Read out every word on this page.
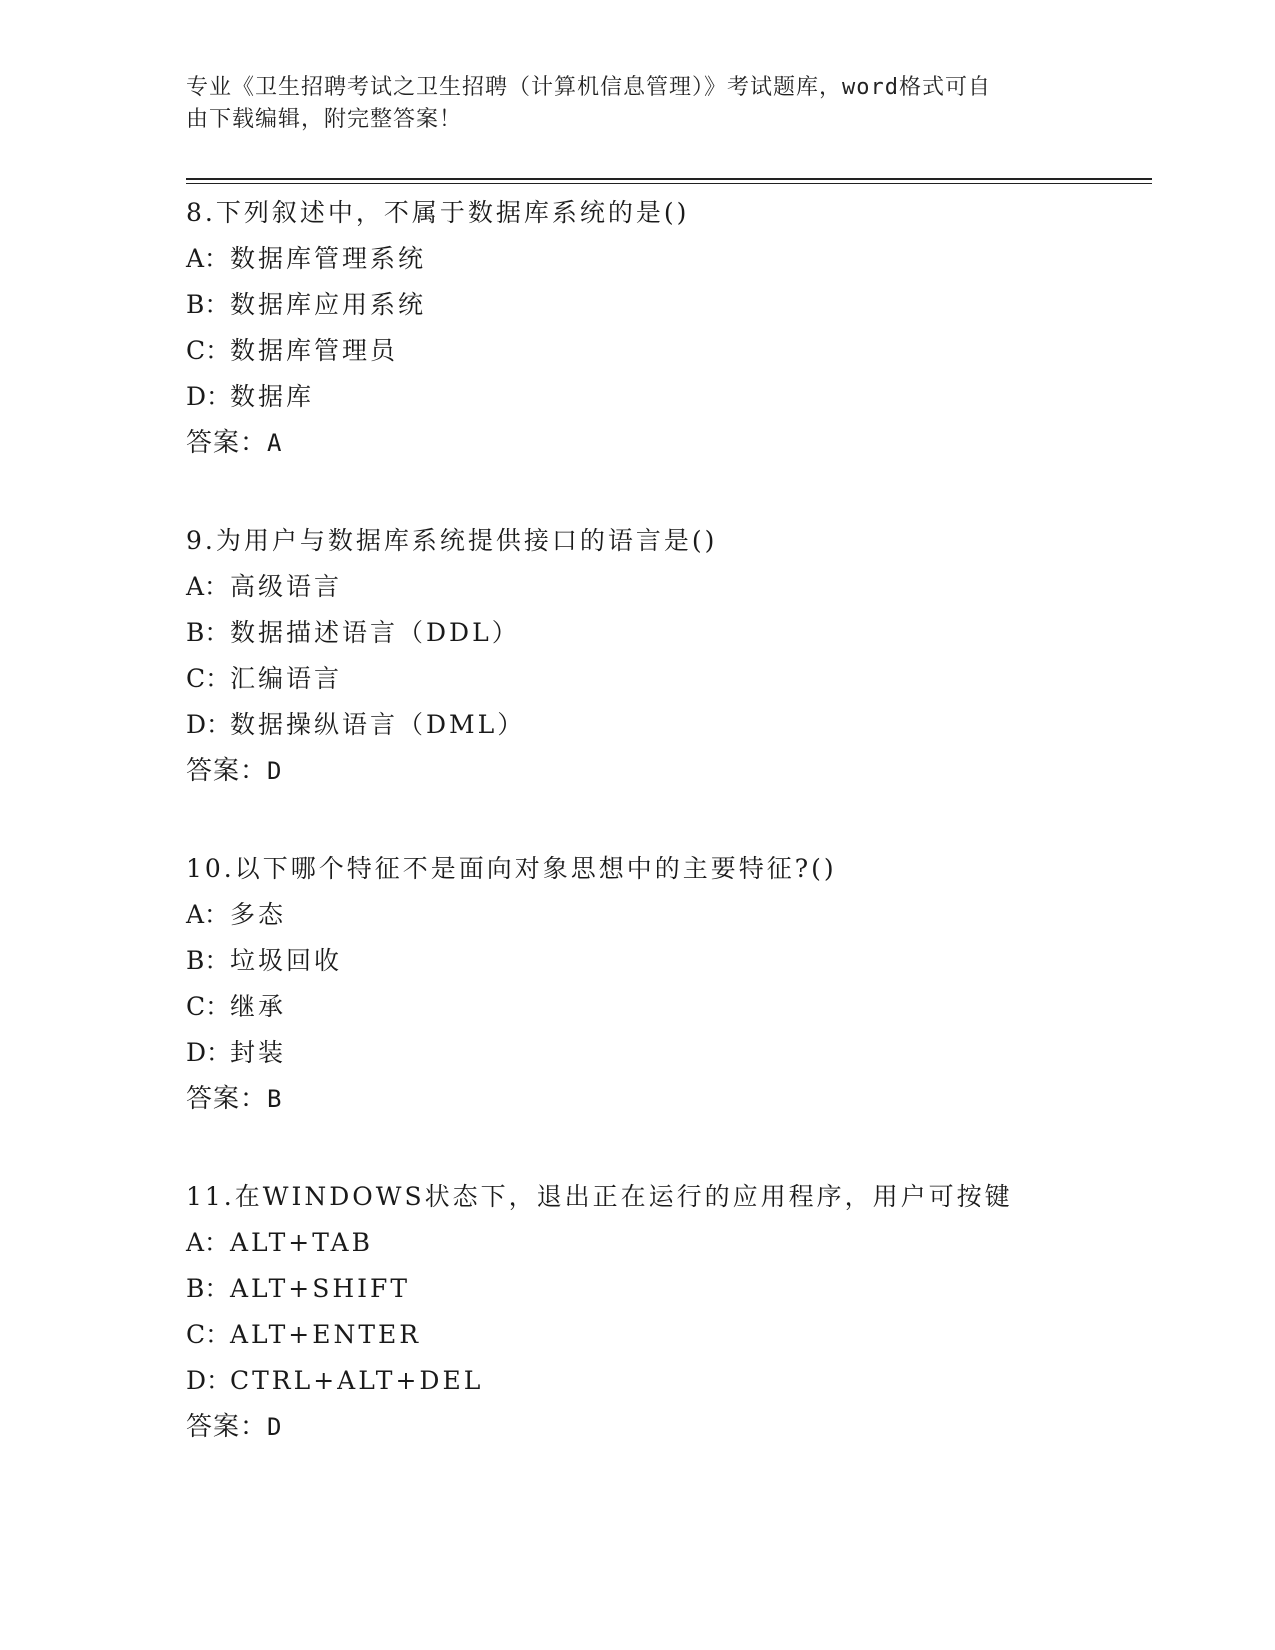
专业《卫生招聘考试之卫生招聘（计算机信息管理）》考试题库，word格式可自
由下载编辑，附完整答案！
8.下列叙述中，不属于数据库系统的是()
A：数据库管理系统
B：数据库应用系统
C：数据库管理员
D：数据库
答案：A
9.为用户与数据库系统提供接口的语言是()
A：高级语言
B：数据描述语言（DDL）
C：汇编语言
D：数据操纵语言（DML）
答案：D
10.以下哪个特征不是面向对象思想中的主要特征?()
A：多态
B：垃圾回收
C：继承
D：封装
答案：B
11.在WINDOWS状态下，退出正在运行的应用程序，用户可按键
A：ALT+TAB
B：ALT+SHIFT
C：ALT+ENTER
D：CTRL+ALT+DEL
答案：D
